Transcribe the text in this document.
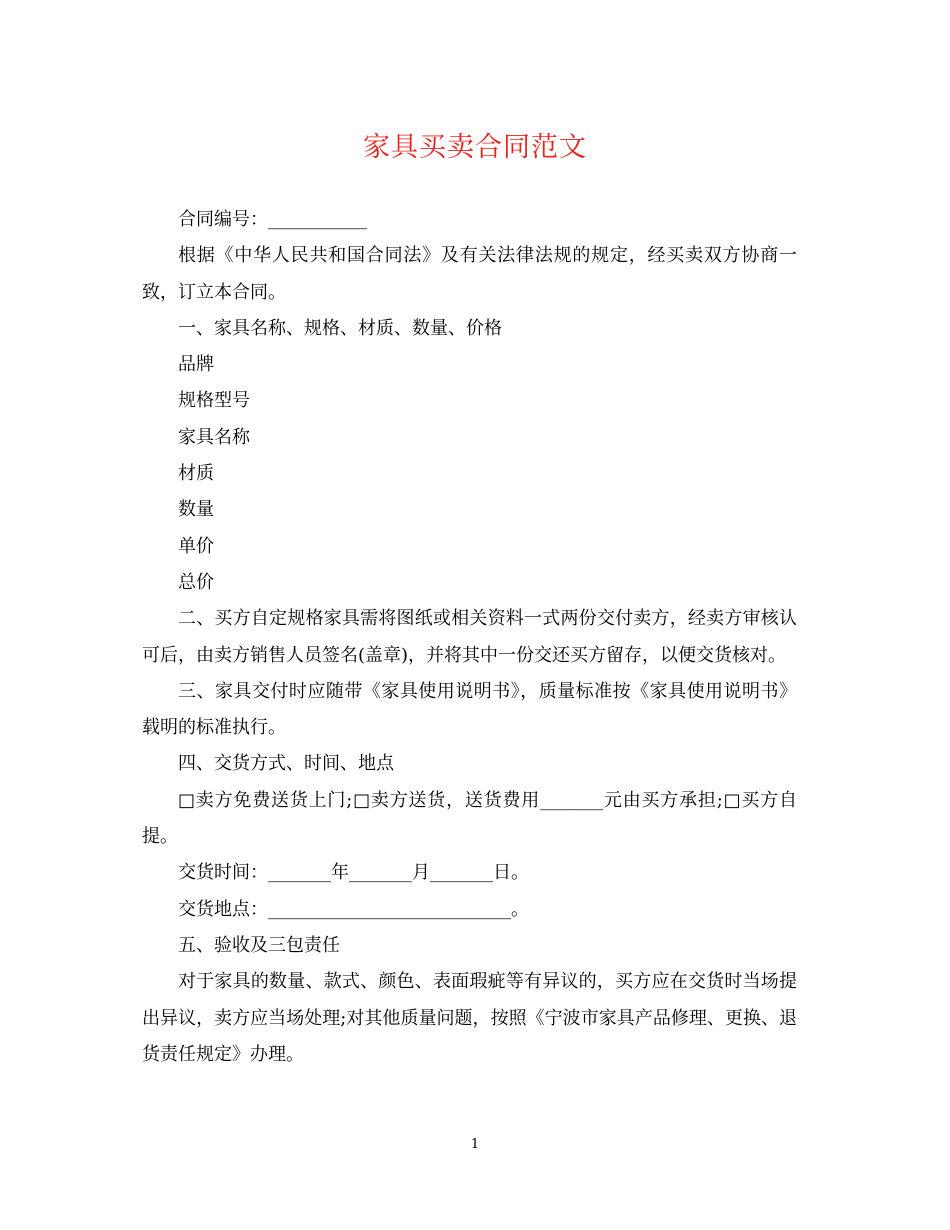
家具买卖合同范文

合同编号：___________

根据《中华人民共和国合同法》及有关法律法规的规定，经买卖双方协商一致，订立本合同。

一、家具名称、规格、材质、数量、价格

品牌

规格型号

家具名称

材质

数量

单价

总价

二、买方自定规格家具需将图纸或相关资料一式两份交付卖方，经卖方审核认可后，由卖方销售人员签名(盖章)，并将其中一份交还买方留存，以便交货核对。

三、家具交付时应随带《家具使用说明书》，质量标准按《家具使用说明书》载明的标准执行。

四、交货方式、时间、地点

□卖方免费送货上门;□卖方送货，送货费用_______元由买方承担;□买方自提。

交货时间：_______年_______月_______日。

交货地点：___________________________。

五、验收及三包责任

对于家具的数量、款式、颜色、表面瑕疵等有异议的，买方应在交货时当场提出异议，卖方应当场处理;对其他质量问题，按照《宁波市家具产品修理、更换、退货责任规定》办理。

1
